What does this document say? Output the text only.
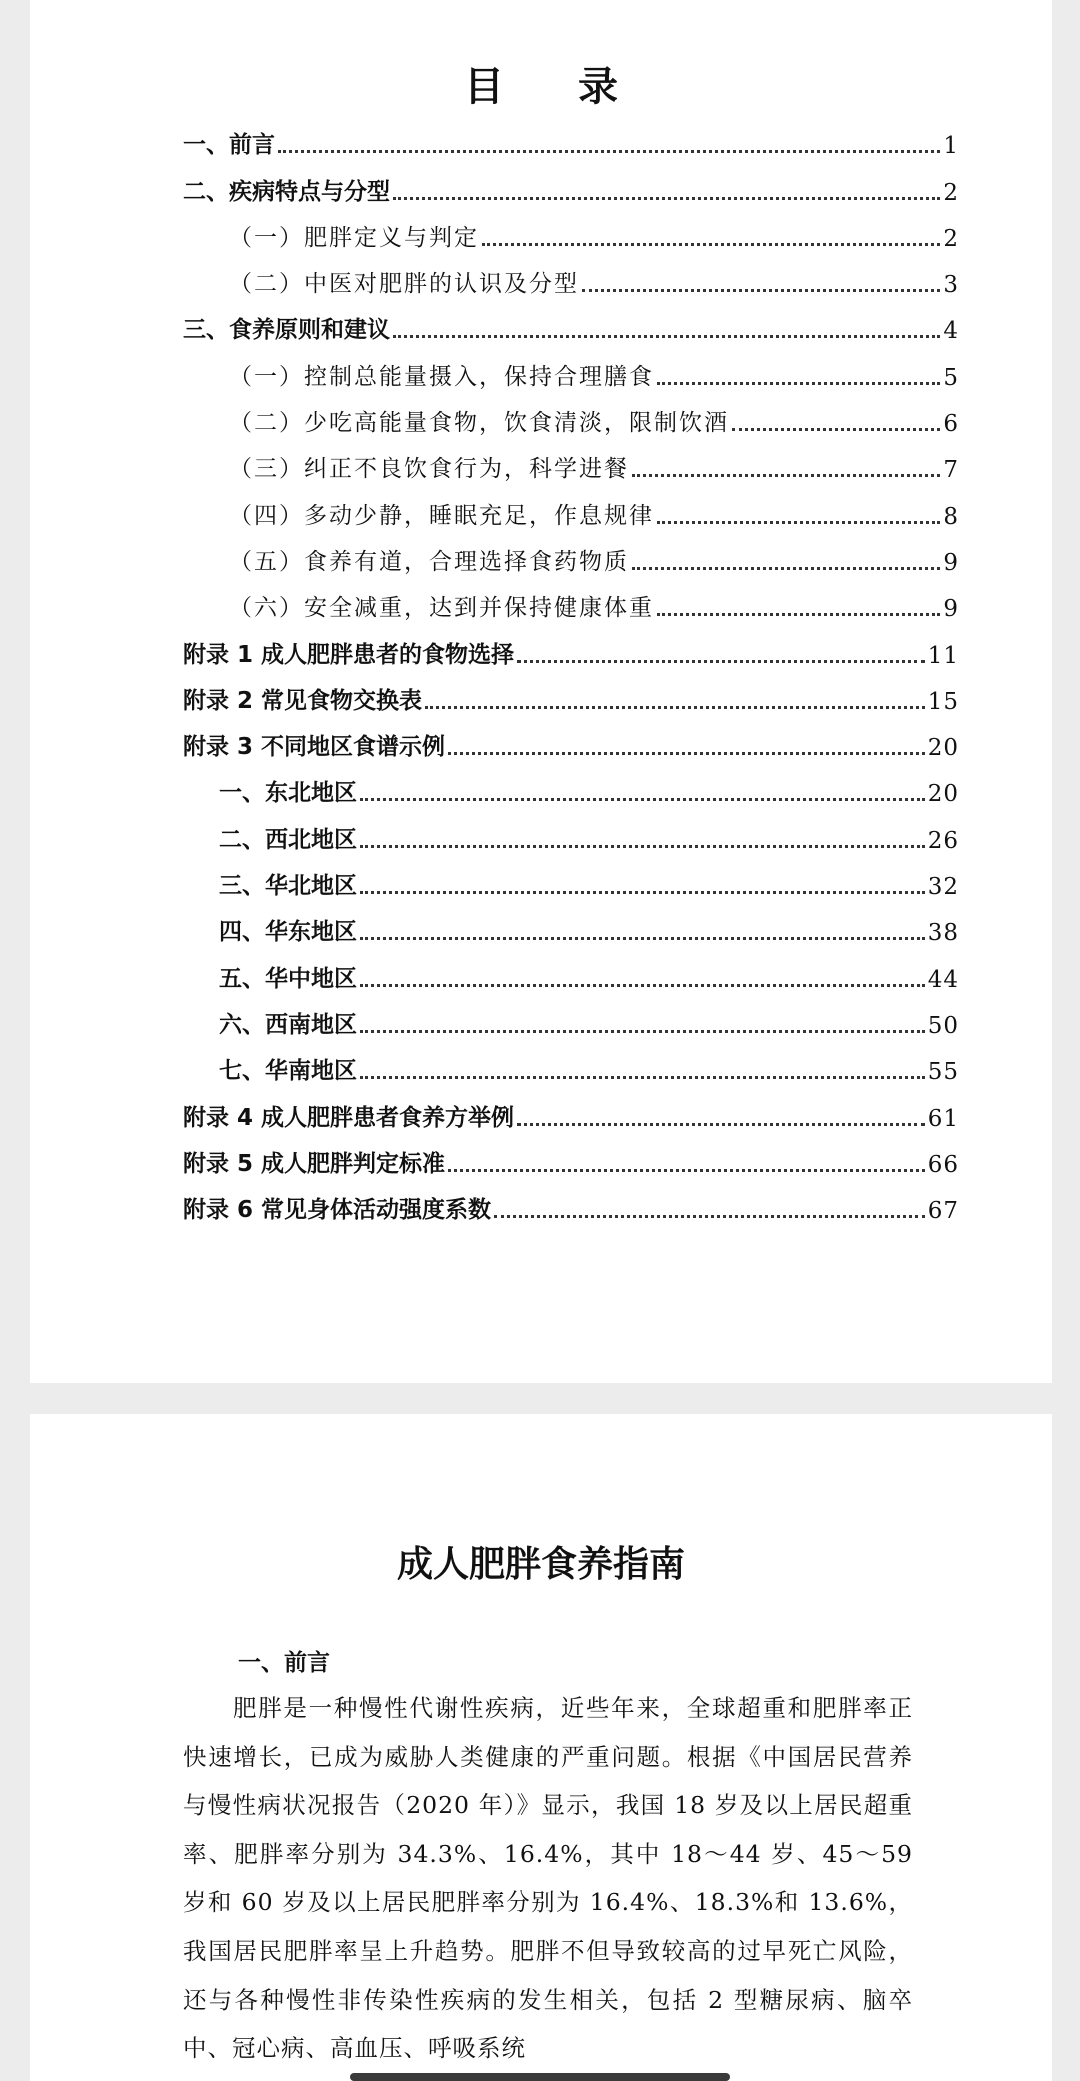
目 录
一、前言	1
二、疾病特点与分型	2
（一）肥胖定义与判定	2
（二）中医对肥胖的认识及分型	3
三、食养原则和建议	4
（一）控制总能量摄入，保持合理膳食	5
（二）少吃高能量食物，饮食清淡，限制饮酒	6
（三）纠正不良饮食行为，科学进餐	7
（四）多动少静，睡眠充足，作息规律	8
（五）食养有道，合理选择食药物质	9
（六）安全减重，达到并保持健康体重	9
附录 1 成人肥胖患者的食物选择	11
附录 2 常见食物交换表	15
附录 3 不同地区食谱示例	20
一、东北地区	20
二、西北地区	26
三、华北地区	32
四、华东地区	38
五、华中地区	44
六、西南地区	50
七、华南地区	55
附录 4 成人肥胖患者食养方举例	61
附录 5 成人肥胖判定标准	66
附录 6 常见身体活动强度系数	67
成人肥胖食养指南
一、前言
肥胖是一种慢性代谢性疾病，近些年来，全球超重和肥胖率正快速增长，已成为威胁人类健康的严重问题。根据《中国居民营养与慢性病状况报告（2020 年）》显示，我国 18 岁及以上居民超重率、肥胖率分别为 34.3%、16.4%，其中 18～44 岁、45～59 岁和 60 岁及以上居民肥胖率分别为 16.4%、18.3%和 13.6%，我国居民肥胖率呈上升趋势。肥胖不但导致较高的过早死亡风险，还与各种慢性非传染性疾病的发生相关，包括 2 型糖尿病、脑卒中、冠心病、高血压、呼吸系统
